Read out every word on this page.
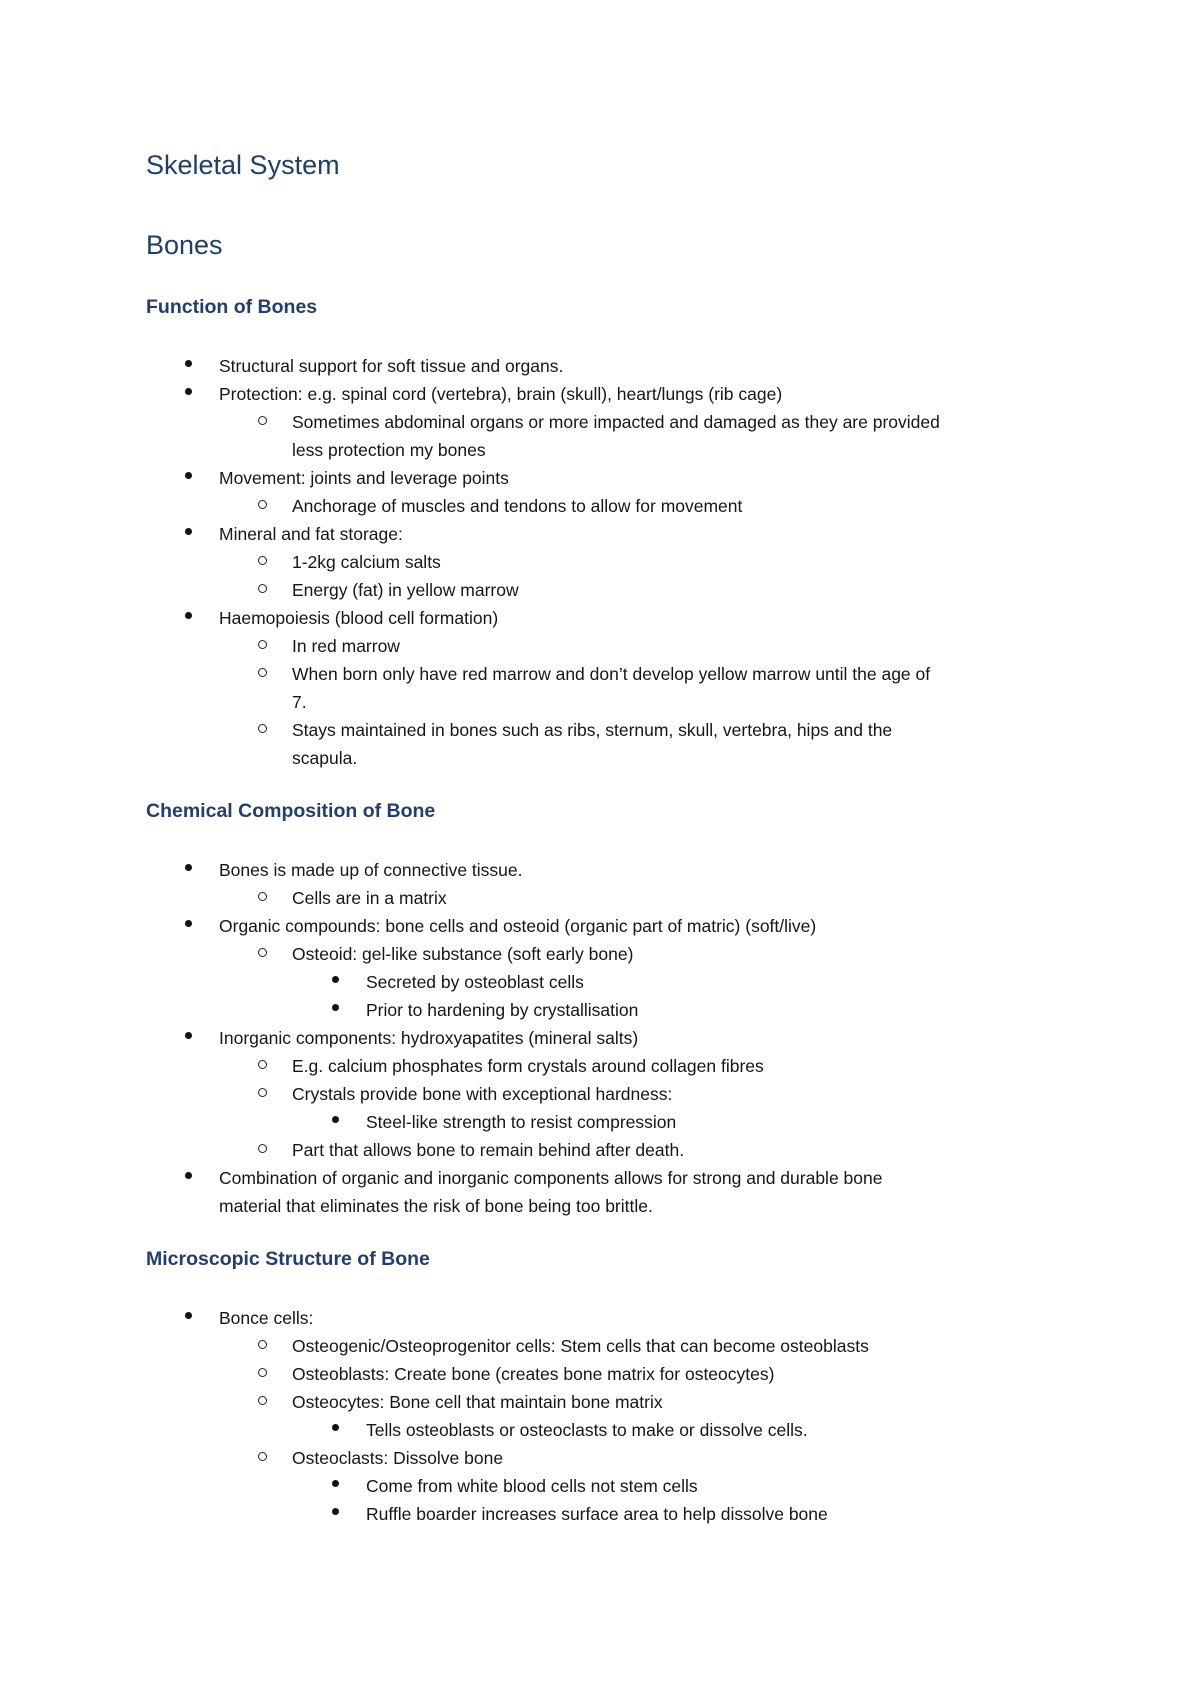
Skeletal System
Bones
Function of Bones
Structural support for soft tissue and organs.
Protection: e.g. spinal cord (vertebra), brain (skull), heart/lungs (rib cage)
Sometimes abdominal organs or more impacted and damaged as they are provided
less protection my bones
Movement: joints and leverage points
Anchorage of muscles and tendons to allow for movement
Mineral and fat storage:
1-2kg calcium salts
Energy (fat) in yellow marrow
Haemopoiesis (blood cell formation)
In red marrow
When born only have red marrow and don’t develop yellow marrow until the age of
7.
Stays maintained in bones such as ribs, sternum, skull, vertebra, hips and the
scapula.
Chemical Composition of Bone
Bones is made up of connective tissue.
Cells are in a matrix
Organic compounds: bone cells and osteoid (organic part of matric) (soft/live)
Osteoid: gel-like substance (soft early bone)
Secreted by osteoblast cells
Prior to hardening by crystallisation
Inorganic components: hydroxyapatites (mineral salts)
E.g. calcium phosphates form crystals around collagen fibres
Crystals provide bone with exceptional hardness:
Steel-like strength to resist compression
Part that allows bone to remain behind after death.
Combination of organic and inorganic components allows for strong and durable bone
material that eliminates the risk of bone being too brittle.
Microscopic Structure of Bone
Bonce cells:
Osteogenic/Osteoprogenitor cells: Stem cells that can become osteoblasts
Osteoblasts: Create bone (creates bone matrix for osteocytes)
Osteocytes: Bone cell that maintain bone matrix
Tells osteoblasts or osteoclasts to make or dissolve cells.
Osteoclasts: Dissolve bone
Come from white blood cells not stem cells
Ruffle boarder increases surface area to help dissolve bone
